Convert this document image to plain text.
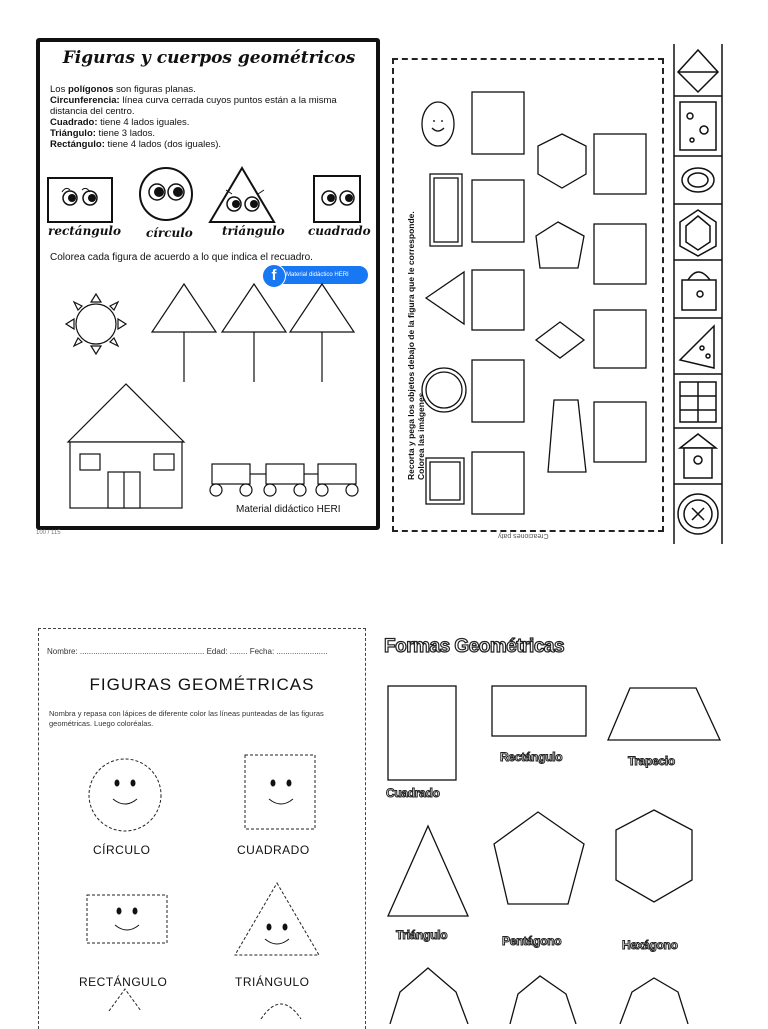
Figuras y cuerpos geométricos
Los polígonos son figuras planas.
Circunferencia: línea curva cerrada cuyos puntos están a la misma distancia del centro.
Cuadrado: tiene 4 lados iguales.
Triángulo: tiene 3 lados.
Rectángulo: tiene 4 lados (dos iguales).
rectángulo círculo triángulo cuadrado
Colorea cada figura de acuerdo a lo que indica el recuadro.
f	Material didáctico HERI
Material didáctico HERI
100 / 115
Recorta y pega los objetos debajo de la figura que le corresponde. Colorea las imágenes.
Creaciones paty
Nombre: ........................................................ Edad: ........ Fecha: .......................
FIGURAS GEOMÉTRICAS
Nombra y repasa con lápices de diferente color las líneas punteadas de las figuras geométricas. Luego coloréalas.
CÍRCULO	CUADRADO
RECTÁNGULO	TRIÁNGULO
Formas Geométricas
Rectángulo	Trapecio
Cuadrado
Triángulo	Pentágono	Hexágono
